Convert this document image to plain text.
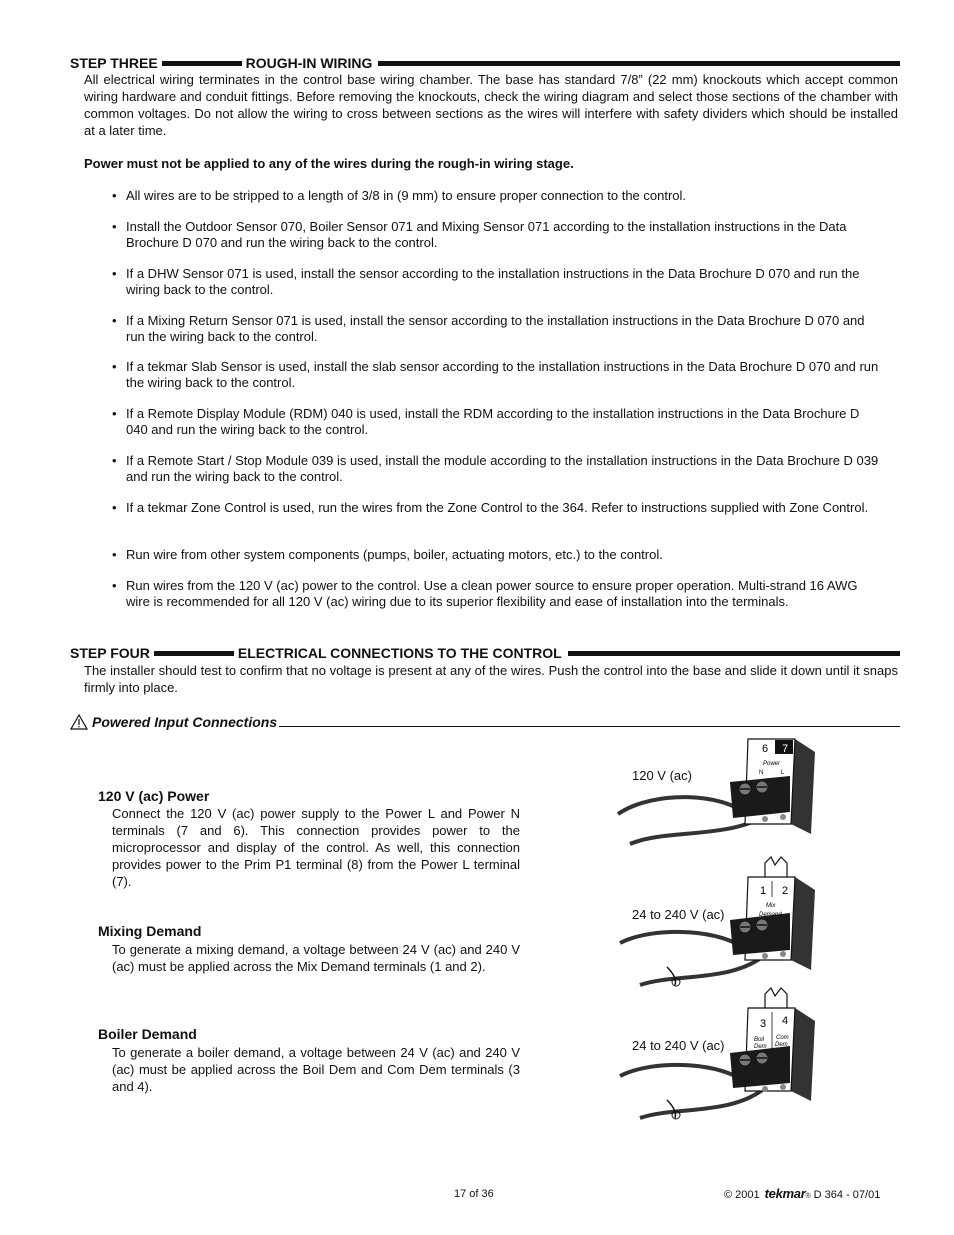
STEP THREE	ROUGH-IN WIRING
All electrical wiring terminates in the control base wiring chamber. The base has standard 7/8” (22 mm) knockouts which accept common wiring hardware and conduit fittings. Before removing the knockouts, check the wiring diagram and select those sections of the chamber with common voltages. Do not allow the wiring to cross between sections as the wires will interfere with safety dividers which should be installed at a later time.
Power must not be applied to any of the wires during the rough-in wiring stage.
• All wires are to be stripped to a length of 3/8 in (9 mm) to ensure proper connection to the control.
• Install the Outdoor Sensor 070, Boiler Sensor 071 and Mixing Sensor 071 according to the installation instructions in the Data Brochure D 070 and run the wiring back to the control.
• If a DHW Sensor 071 is used, install the sensor according to the installation instructions in the Data Brochure D 070 and run the wiring back to the control.
• If a Mixing Return Sensor 071 is used, install the sensor according to the installation instructions in the Data Brochure D 070 and run the wiring back to the control.
• If a tekmar Slab Sensor is used, install the slab sensor according to the installation instructions in the Data Brochure D 070 and run the wiring back to the control.
• If a Remote Display Module (RDM) 040 is used, install the RDM according to the installation instructions in the Data Brochure D 040 and run the wiring back to the control.
• If a Remote Start / Stop Module 039 is used, install the module according to the installation instructions in the Data Brochure D 039 and run the wiring back to the control.
• If a tekmar Zone Control is used, run the wires from the Zone Control to the 364. Refer to instructions supplied with Zone Control.
• Run wire from other system components (pumps, boiler, actuating motors, etc.) to the control.
• Run wires from the 120 V (ac) power to the control. Use a clean power source to ensure proper operation. Multi-strand 16 AWG wire is recommended for all 120 V (ac) wiring due to its superior flexibility and ease of installation into the terminals.
STEP FOUR	ELECTRICAL CONNECTIONS TO THE CONTROL
The installer should test to confirm that no voltage is present at any of the wires. Push the control into the base and slide it down until it snaps firmly into place.
Powered Input Connections
120 V (ac) Power
Connect the 120 V (ac) power supply to the Power L and Power N terminals (7 and 6). This connection provides power to the microprocessor and display of the control. As well, this connection provides power to the Prim P1 terminal (8) from the Power L terminal (7).
Mixing Demand
To generate a mixing demand, a voltage between 24 V (ac) and 240 V (ac) must be applied across the Mix Demand terminals (1 and 2).
Boiler Demand
To generate a boiler demand, a voltage between 24 V (ac) and 240 V (ac) must be applied across the Boil Dem and Com Dem terminals (3 and 4).
120 V (ac)
6 7
Power
N	L
24 to 240 V (ac)
1 2
Mix
Demand
24 to 240 V (ac)
3 4
Boil
Dem
Com
Dem
17 of 36	© 2001 tekmar$_®$ D 364 - 07/01
